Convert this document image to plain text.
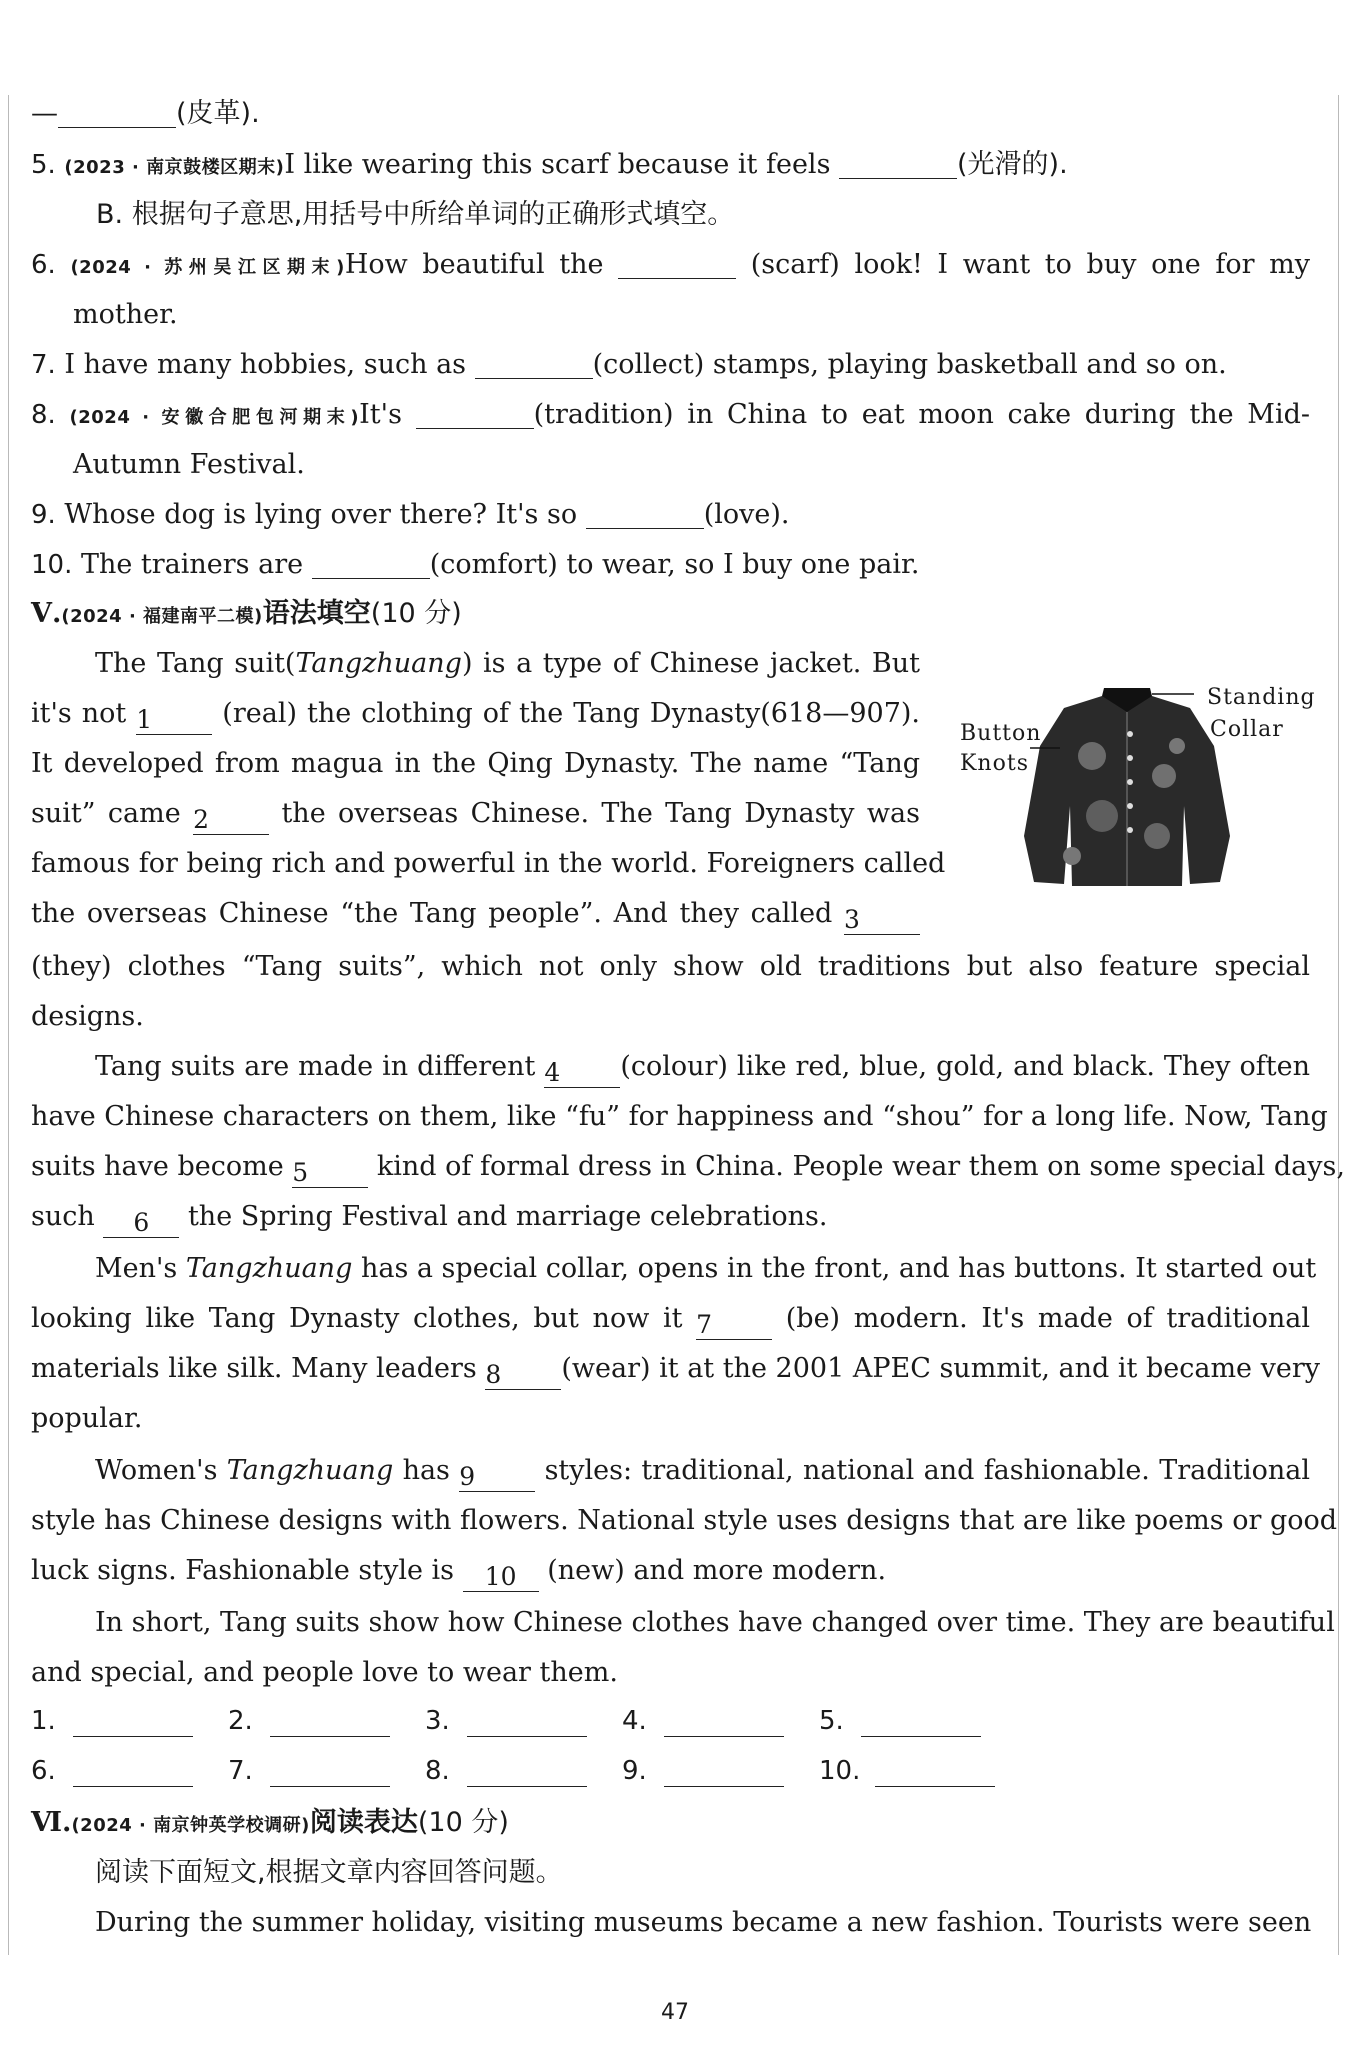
—	(皮革).
5. (2023 · 南京鼓楼区期末)I like wearing this scarf because it feels	(光滑的).
B. 根据句子意思,用括号中所给单词的正确形式填空。
6. (2024 · 苏州吴江区期末)How beautiful the	(scarf) look! I want to buy one for my
mother.
7. I have many hobbies, such as	(collect) stamps, playing basketball and so on.
8. (2024 · 安徽合肥包河期末)It's	(tradition) in China to eat moon cake during the Mid-
Autumn Festival.
9. Whose dog is lying over there? It's so	(love).
10. The trainers are	(comfort) to wear, so I buy one pair.
Ⅴ.(2024 · 福建南平二模)语法填空(10 分)
The Tang suit(Tangzhuang) is a type of Chinese jacket. But
it's not 1	(real) the clothing of the Tang Dynasty(618—907).
It developed from magua in the Qing Dynasty. The name “Tang
suit” came 2	the overseas Chinese. The Tang Dynasty was
famous for being rich and powerful in the world. Foreigners called
the overseas Chinese “the Tang people”. And they called 3
(they) clothes “Tang suits”, which not only show old traditions but also feature special
designs.
Standing
Collar
Button
Knots
Tang suits are made in different 4 (colour) like red, blue, gold, and black. They often
have Chinese characters on them, like “fu” for happiness and “shou” for a long life. Now, Tang
suits have become 5	kind of formal dress in China. People wear them on some special days,
such 6 the Spring Festival and marriage celebrations.
Men's Tangzhuang has a special collar, opens in the front, and has buttons. It started out
looking like Tang Dynasty clothes, but now it 7	(be) modern. It's made of traditional
materials like silk. Many leaders 8 (wear) it at the 2001 APEC summit, and it became very
popular.
Women's Tangzhuang has 9	styles: traditional, national and fashionable. Traditional
style has Chinese designs with flowers. National style uses designs that are like poems or good
luck signs. Fashionable style is 10 (new) and more modern.
In short, Tang suits show how Chinese clothes have changed over time. They are beautiful
and special, and people love to wear them.
1.	2.	3.	4.	5.
6.	7.	8.	9.	10.
Ⅵ.(2024 · 南京钟英学校调研)阅读表达(10 分)
阅读下面短文,根据文章内容回答问题。
During the summer holiday, visiting museums became a new fashion. Tourists were seen
47
